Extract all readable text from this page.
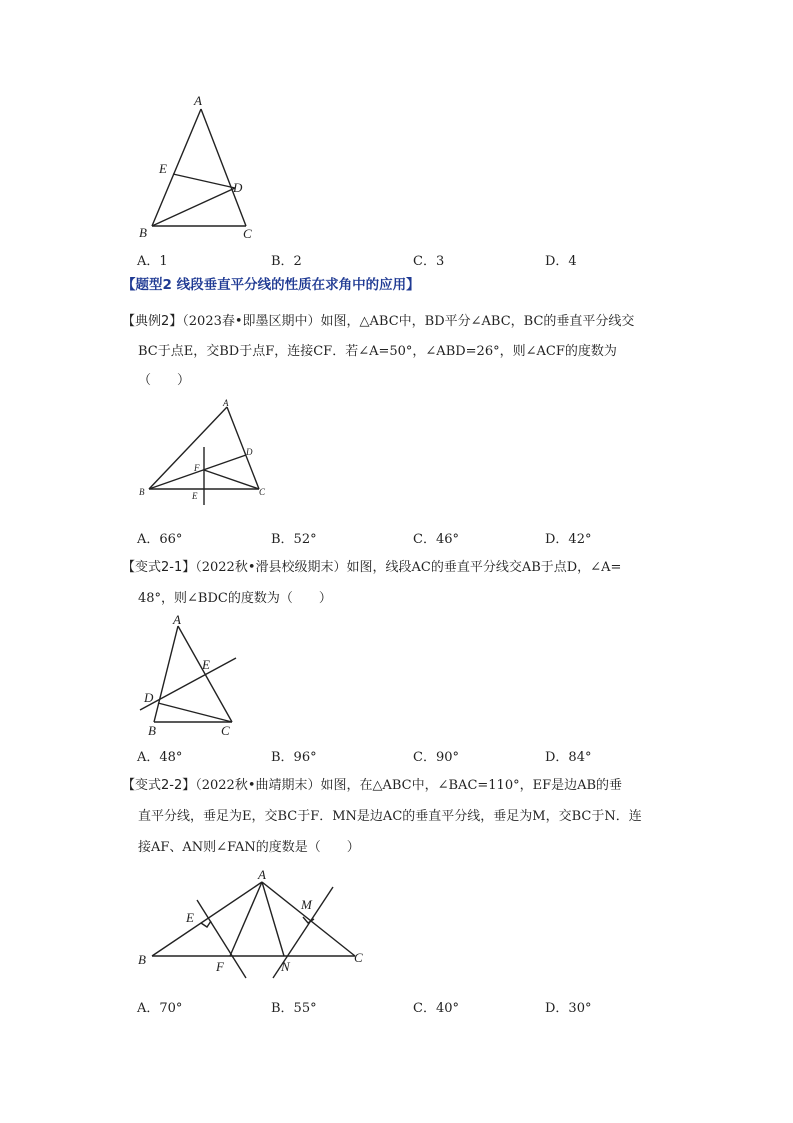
A
E
D
B	C
A．1	B．2	C．3	D．4
【题型2 线段垂直平分线的性质在求角中的应用】
【典例2】（2023春•即墨区期中）如图，△ABC中，BD平分∠ABC，BC的垂直平分线交
BC于点E，交BD于点F，连接CF．若∠A=50°，∠ABD=26°，则∠ACF的度数为
（　　）
A
D
F
E
B	C
A．66°	B．52°	C．46°	D．42°
【变式2-1】（2022秋•滑县校级期末）如图，线段AC的垂直平分线交AB于点D，∠A=
48°，则∠BDC的度数为（　　）
A
E
D
B	C
A．48°	B．96°	C．90°	D．84°
【变式2-2】（2022秋•曲靖期末）如图，在△ABC中，∠BAC=110°，EF是边AB的垂
直平分线，垂足为E，交BC于F．MN是边AC的垂直平分线，垂足为M，交BC于N．连
接AF、AN则∠FAN的度数是（　　）
A
E
M
B	F	N
C
A．70°	B．55°	C．40°	D．30°
